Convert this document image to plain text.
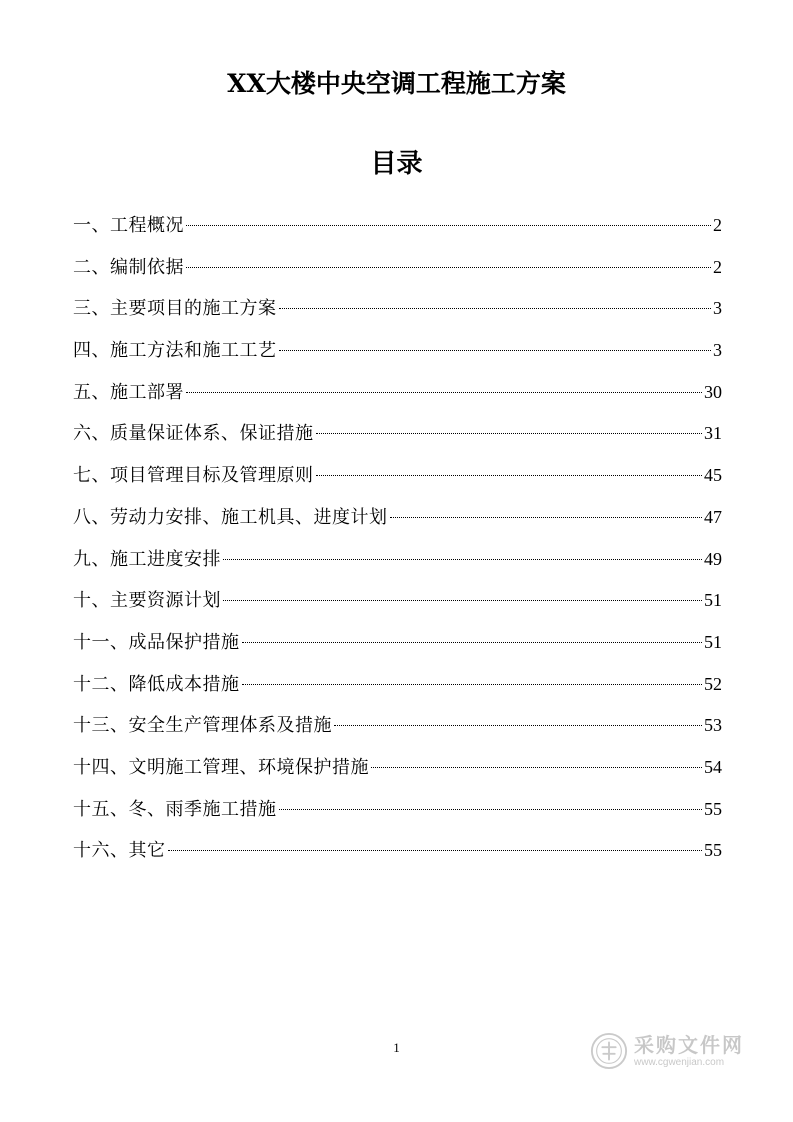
XX大楼中央空调工程施工方案
目录
一、工程概况	2
二、编制依据	2
三、主要项目的施工方案	3
四、施工方法和施工工艺	3
五、施工部署	30
六、质量保证体系、保证措施	31
七、项目管理目标及管理原则	45
八、劳动力安排、施工机具、进度计划	47
九、施工进度安排	49
十、主要资源计划	51
十一、成品保护措施	51
十二、降低成本措施	52
十三、安全生产管理体系及措施	53
十四、文明施工管理、环境保护措施	54
十五、冬、雨季施工措施	55
十六、其它	55
1	采购文件网
www.cgwenjian.com
